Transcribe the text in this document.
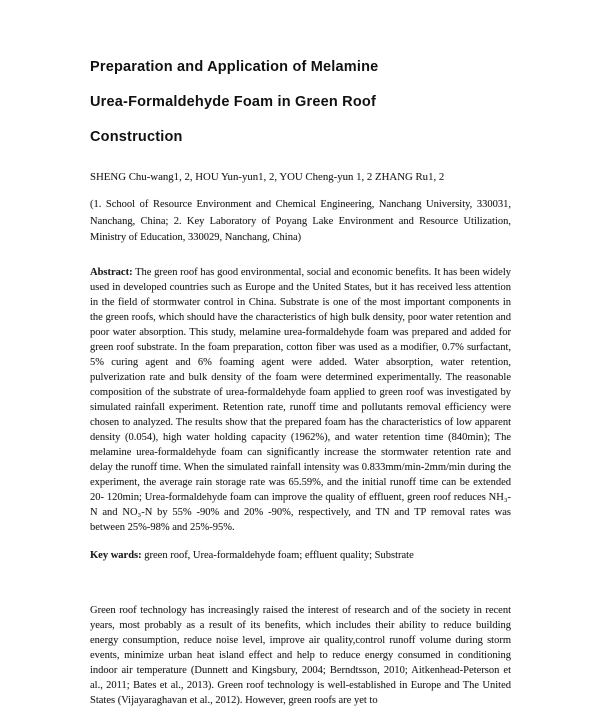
Preparation and Application of Melamine
Urea-Formaldehyde Foam in Green Roof
Construction
SHENG Chu-wang1, 2, HOU Yun-yun1, 2, YOU Cheng-yun 1, 2 ZHANG Ru1, 2
(1. School of Resource Environment and Chemical Engineering, Nanchang University, 330031, Nanchang, China; 2. Key Laboratory of Poyang Lake Environment and Resource Utilization, Ministry of Education, 330029, Nanchang, China)
Abstract: The green roof has good environmental, social and economic benefits. It has been widely used in developed countries such as Europe and the United States, but it has received less attention in the field of stormwater control in China. Substrate is one of the most important components in the green roofs, which should have the characteristics of high bulk density, poor water retention and poor water absorption. This study, melamine urea-formaldehyde foam was prepared and added for green roof substrate. In the foam preparation, cotton fiber was used as a modifier, 0.7% surfactant, 5% curing agent and 6% foaming agent were added. Water absorption, water retention, pulverization rate and bulk density of the foam were determined experimentally. The reasonable composition of the substrate of urea-formaldehyde foam applied to green roof was investigated by simulated rainfall experiment. Retention rate, runoff time and pollutants removal efficiency were chosen to analyzed. The results show that the prepared foam has the characteristics of low apparent density (0.054), high water holding capacity (1962%), and water retention time (840min); The melamine urea-formaldehyde foam can significantly increase the stormwater retention rate and delay the runoff time. When the simulated rainfall intensity was 0.833mm/min-2mm/min during the experiment, the average rain storage rate was 65.59%, and the initial runoff time can be extended 20- 120min; Urea-formaldehyde foam can improve the quality of effluent, green roof reduces NH₃-N and NO₃-N by 55% -90% and 20% -90%, respectively, and TN and TP removal rates was between 25%-98% and 25%-95%.
Key wards: green roof, Urea-formaldehyde foam; effluent quality; Substrate
Green roof technology has increasingly raised the interest of research and of the society in recent years, most probably as a result of its benefits, which includes their ability to reduce building energy consumption, reduce noise level, improve air quality,control runoff volume during storm events, minimize urban heat island effect and help to reduce energy consumed in conditioning indoor air temperature (Dunnett and Kingsbury, 2004; Berndtsson, 2010; Aitkenhead-Peterson et al., 2011; Bates et al., 2013). Green roof technology is well-established in Europe and The United States (Vijayaraghavan et al., 2012). However, green roofs are yet to
